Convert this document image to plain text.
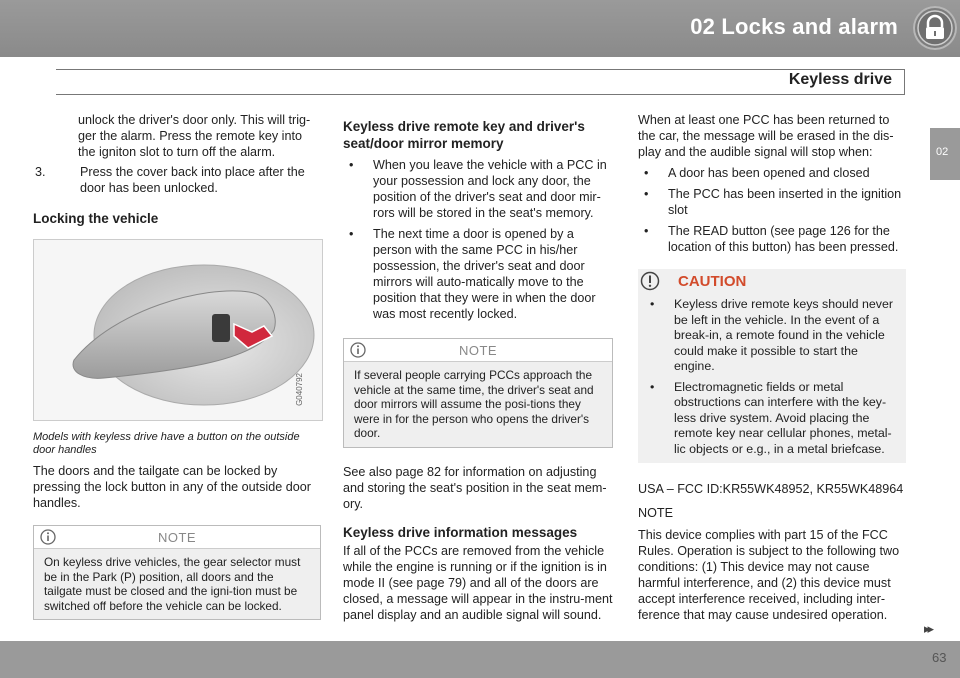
02 Locks and alarm
Keyless drive
02

unlock the driver's door only. This will trig-ger the alarm. Press the remote key into the igniton slot to turn off the alarm.

3.	Press the cover back into place after the door has been unlocked.
Locking the vehicle
G040792

Models with keyless drive have a button on the outside door handles

The doors and the tailgate can be locked by pressing the lock button in any of the outside door handles.

NOTE
On keyless drive vehicles, the gear selector must be in the Park (P) position, all doors and the tailgate must be closed and the igni-tion must be switched off before the vehicle can be locked.
Keyless drive remote key and driver's seat/door mirror memory
•	When you leave the vehicle with a PCC in your possession and lock any door, the position of the driver's seat and door mir-rors will be stored in the seat's memory.
•	The next time a door is opened by a person with the same PCC in his/her possession, the driver's seat and door mirrors will auto-matically move to the position that they were in when the door was most recently locked.
NOTE
If several people carrying PCCs approach the vehicle at the same time, the driver's seat and door mirrors will assume the posi-tions they were in for the person who opens the driver's door.

See also page 82 for information on adjusting and storing the seat's position in the seat mem-ory.

Keyless drive information messages

If all of the PCCs are removed from the vehicle while the engine is running or if the ignition is in mode II (see page 79) and all of the doors are closed, a message will appear in the instru-ment panel display and an audible signal will sound.

When at least one PCC has been returned to the car, the message will be erased in the dis-play and the audible signal will stop when:

•	A door has been opened and closed
•	The PCC has been inserted in the ignition slot
•	The READ button (see page 126 for the location of this button) has been pressed.
CAUTION
•	Keyless drive remote keys should never be left in the vehicle. In the event of a break-in, a remote found in the vehicle could make it possible to start the engine.
•	Electromagnetic fields or metal obstructions can interfere with the key-less drive system. Avoid placing the remote key near cellular phones, metal-lic objects or e.g., in a metal briefcase.

USA – FCC ID:KR55WK48952, KR55WK48964

NOTE

This device complies with part 15 of the FCC Rules. Operation is subject to the following two conditions: (1) This device may not cause harmful interference, and (2) this device must accept interference received, including inter-ference that may cause undesired operation.

▸▸
63
